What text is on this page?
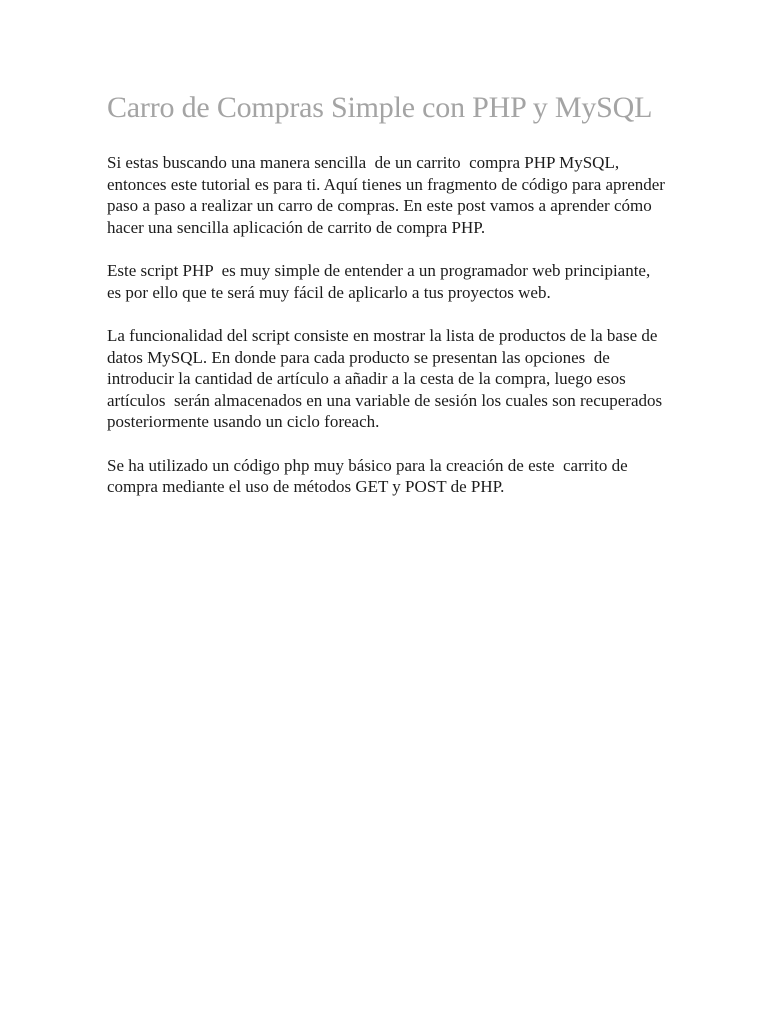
Carro de Compras Simple con PHP y MySQL

Si estas buscando una manera sencilla  de un carrito  compra PHP MySQL, entonces este tutorial es para ti. Aquí tienes un fragmento de código para aprender paso a paso a realizar un carro de compras. En este post vamos a aprender cómo hacer una sencilla aplicación de carrito de compra PHP.

Este script PHP  es muy simple de entender a un programador web principiante, es por ello que te será muy fácil de aplicarlo a tus proyectos web.

La funcionalidad del script consiste en mostrar la lista de productos de la base de datos MySQL. En donde para cada producto se presentan las opciones  de introducir la cantidad de artículo a añadir a la cesta de la compra, luego esos artículos  serán almacenados en una variable de sesión los cuales son recuperados posteriormente usando un ciclo foreach.

Se ha utilizado un código php muy básico para la creación de este  carrito de compra mediante el uso de métodos GET y POST de PHP.
